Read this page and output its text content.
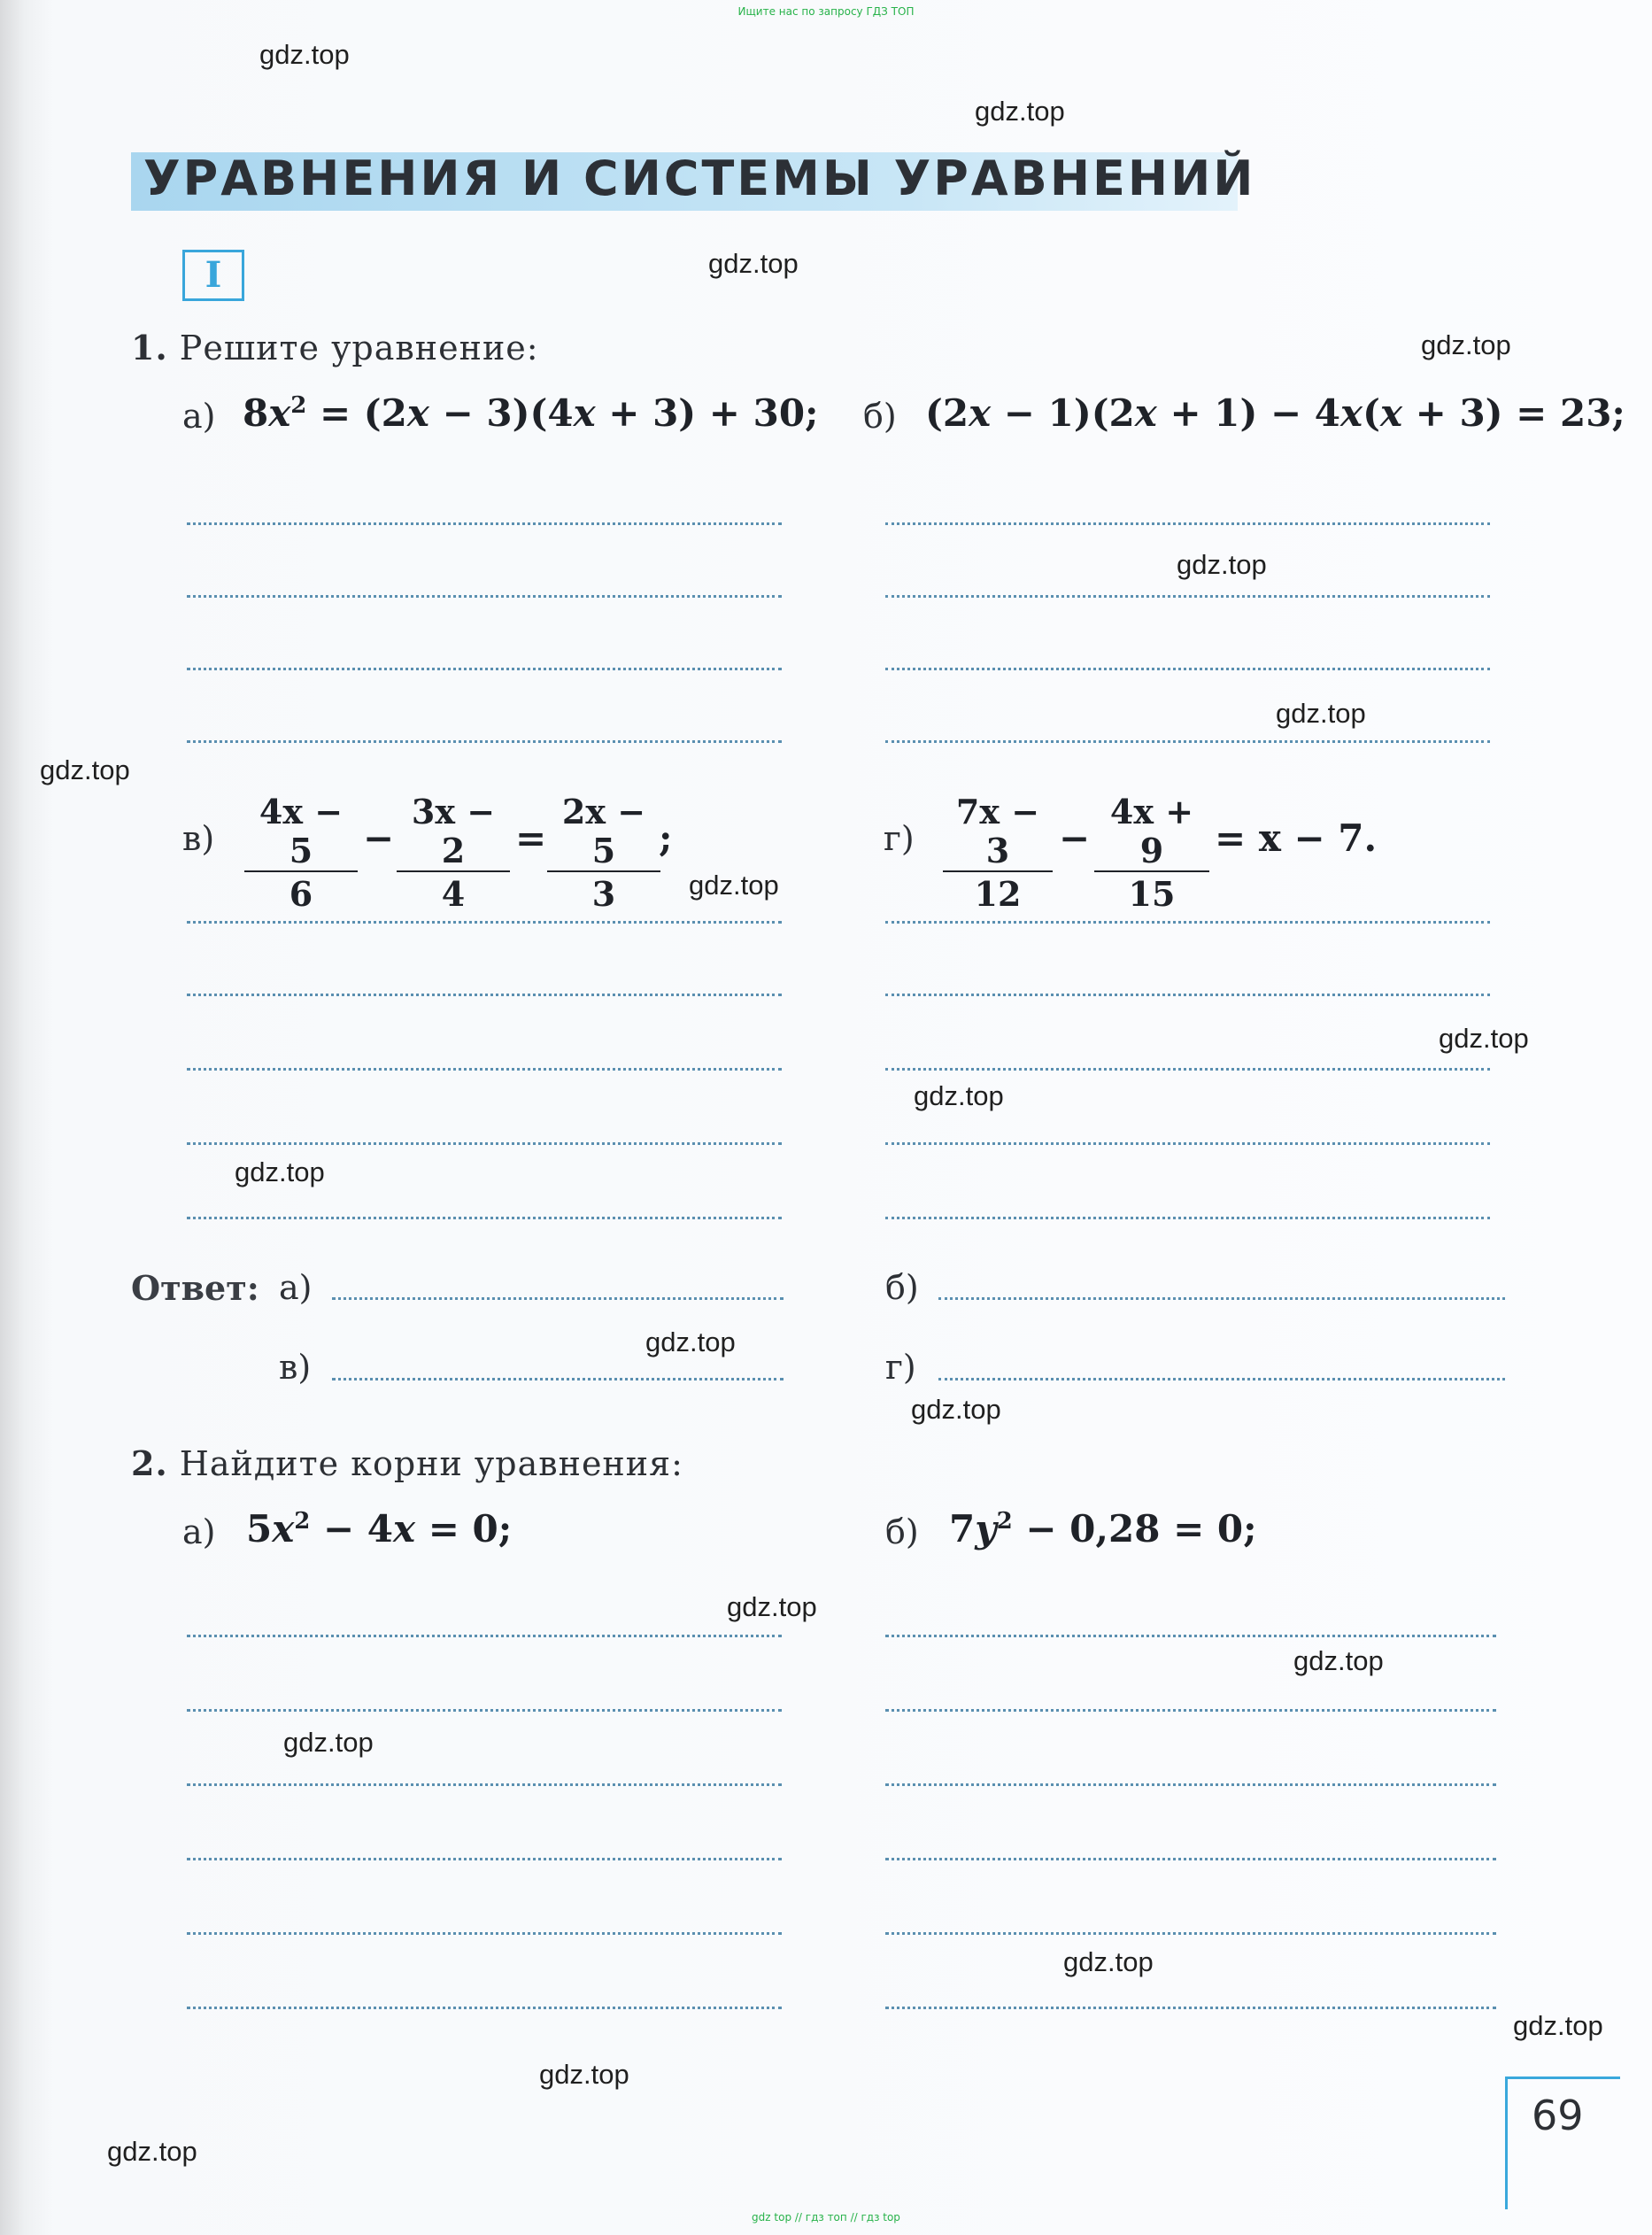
Ищите нас по запросу ГДЗ ТОП
gdz.top
gdz.top
gdz.top
gdz.top
gdz.top
gdz.top
gdz.top
gdz.top
gdz.top
gdz.top
gdz.top
gdz.top
gdz.top
gdz.top
gdz.top
gdz.top
gdz.top
gdz.top
gdz.top
gdz.top
УРАВНЕНИЯ И СИСТЕМЫ УРАВНЕНИЙ
I
1. Решите уравнение:
а) $8x^2 = (2x - 3)(4x + 3) + 30$; б) (2x − 1)(2x + 1) − 4x(x + 3) = 23;
$в) \frac{4x - 5}{6} - \frac{3x - 2}{4} = \frac{2x - 5}{3}$
;	$г) \frac{7x - 3}{12} - \frac{4x + 9}{15} = x - 7$.
Ответ: а)	б)
в)	г)
2. Найдите корни уравнения:
а) $5x^2 - 4x = 0$;	б) $7y^2 - 0,28 = 0$;
69
gdz top // гдз топ // гдз top
